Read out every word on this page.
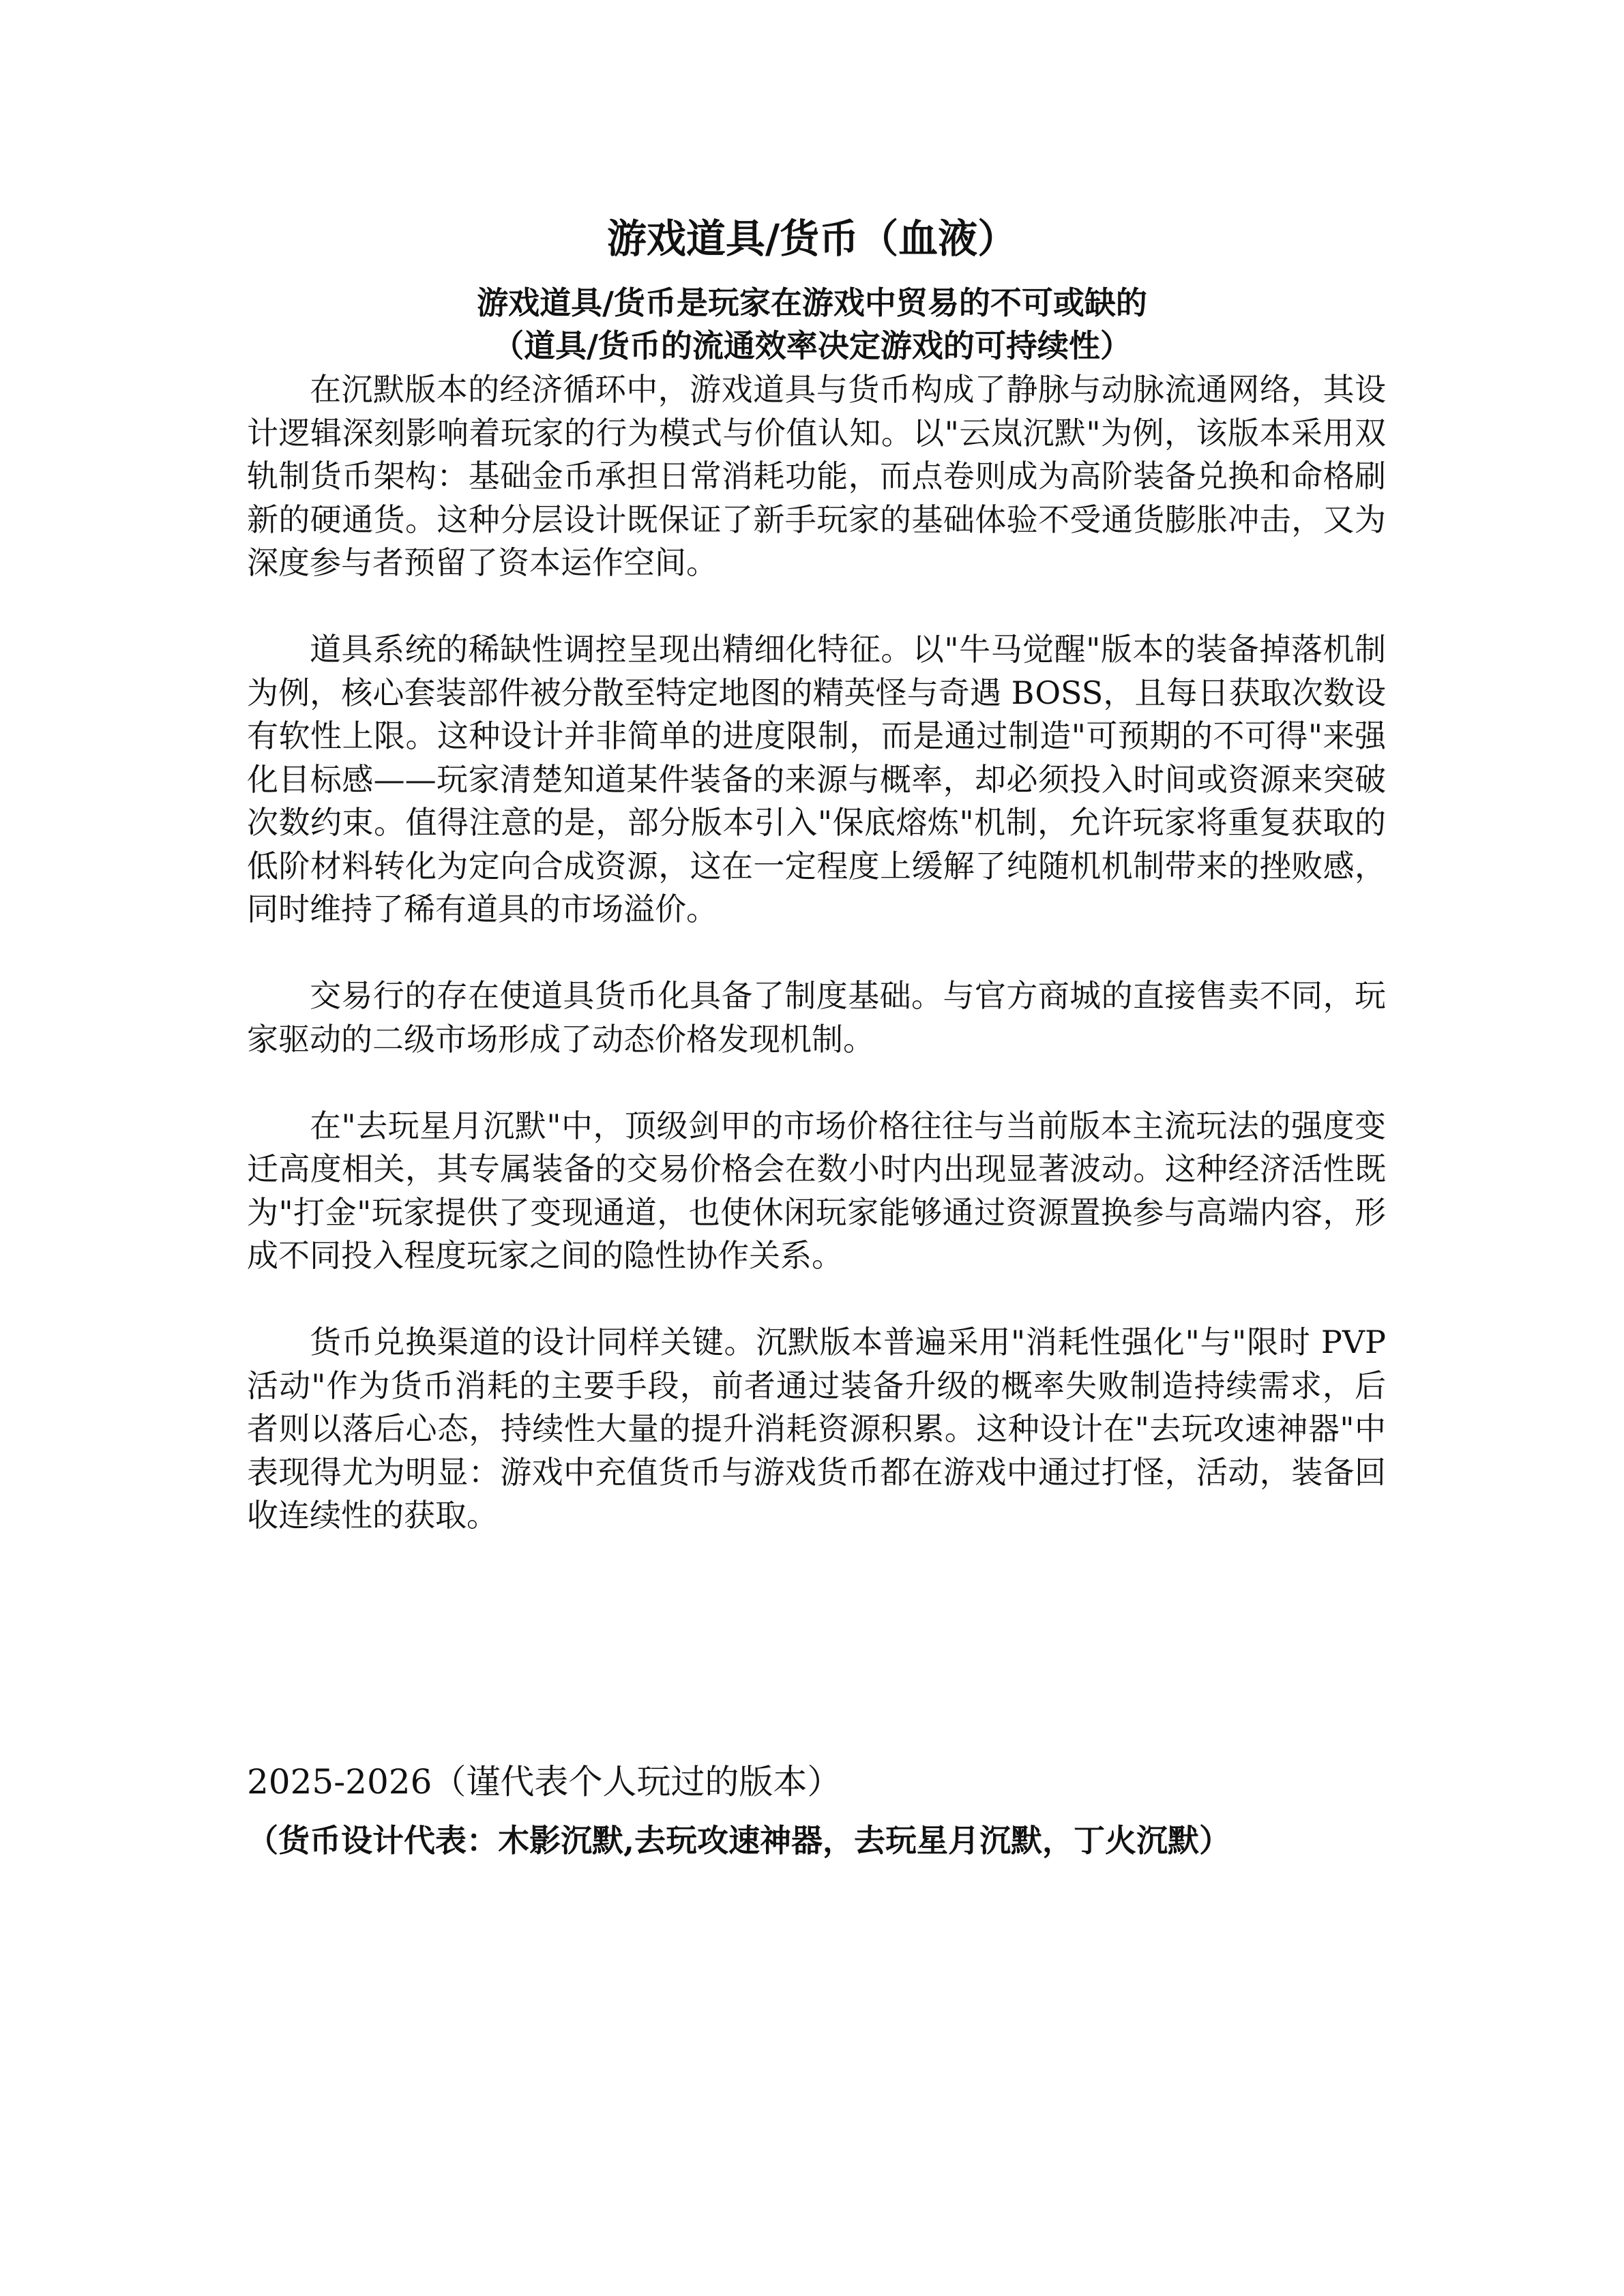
游戏道具/货币（血液）

游戏道具/货币是玩家在游戏中贸易的不可或缺的

（道具/货币的流通效率决定游戏的可持续性）

在沉默版本的经济循环中，游戏道具与货币构成了静脉与动脉流通网络，其设计逻辑深刻影响着玩家的行为模式与价值认知。以"云岚沉默"为例，该版本采用双轨制货币架构：基础金币承担日常消耗功能，而点卷则成为高阶装备兑换和命格刷新的硬通货。这种分层设计既保证了新手玩家的基础体验不受通货膨胀冲击，又为深度参与者预留了资本运作空间。

道具系统的稀缺性调控呈现出精细化特征。以"牛马觉醒"版本的装备掉落机制为例，核心套装部件被分散至特定地图的精英怪与奇遇 BOSS，且每日获取次数设有软性上限。这种设计并非简单的进度限制，而是通过制造"可预期的不可得"来强化目标感——玩家清楚知道某件装备的来源与概率，却必须投入时间或资源来突破次数约束。值得注意的是，部分版本引入"保底熔炼"机制，允许玩家将重复获取的低阶材料转化为定向合成资源，这在一定程度上缓解了纯随机机制带来的挫败感，同时维持了稀有道具的市场溢价。

交易行的存在使道具货币化具备了制度基础。与官方商城的直接售卖不同，玩家驱动的二级市场形成了动态价格发现机制。

在"去玩星月沉默"中，顶级剑甲的市场价格往往与当前版本主流玩法的强度变迁高度相关，其专属装备的交易价格会在数小时内出现显著波动。这种经济活性既为"打金"玩家提供了变现通道，也使休闲玩家能够通过资源置换参与高端内容，形成不同投入程度玩家之间的隐性协作关系。

货币兑换渠道的设计同样关键。沉默版本普遍采用"消耗性强化"与"限时 PVP 活动"作为货币消耗的主要手段，前者通过装备升级的概率失败制造持续需求，后者则以落后心态，持续性大量的提升消耗资源积累。这种设计在"去玩攻速神器"中表现得尤为明显：游戏中充值货币与游戏货币都在游戏中通过打怪，活动，装备回收连续性的获取。

2025-2026（谨代表个人玩过的版本）

（货币设计代表：木影沉默,去玩攻速神器，去玩星月沉默，丁火沉默）
